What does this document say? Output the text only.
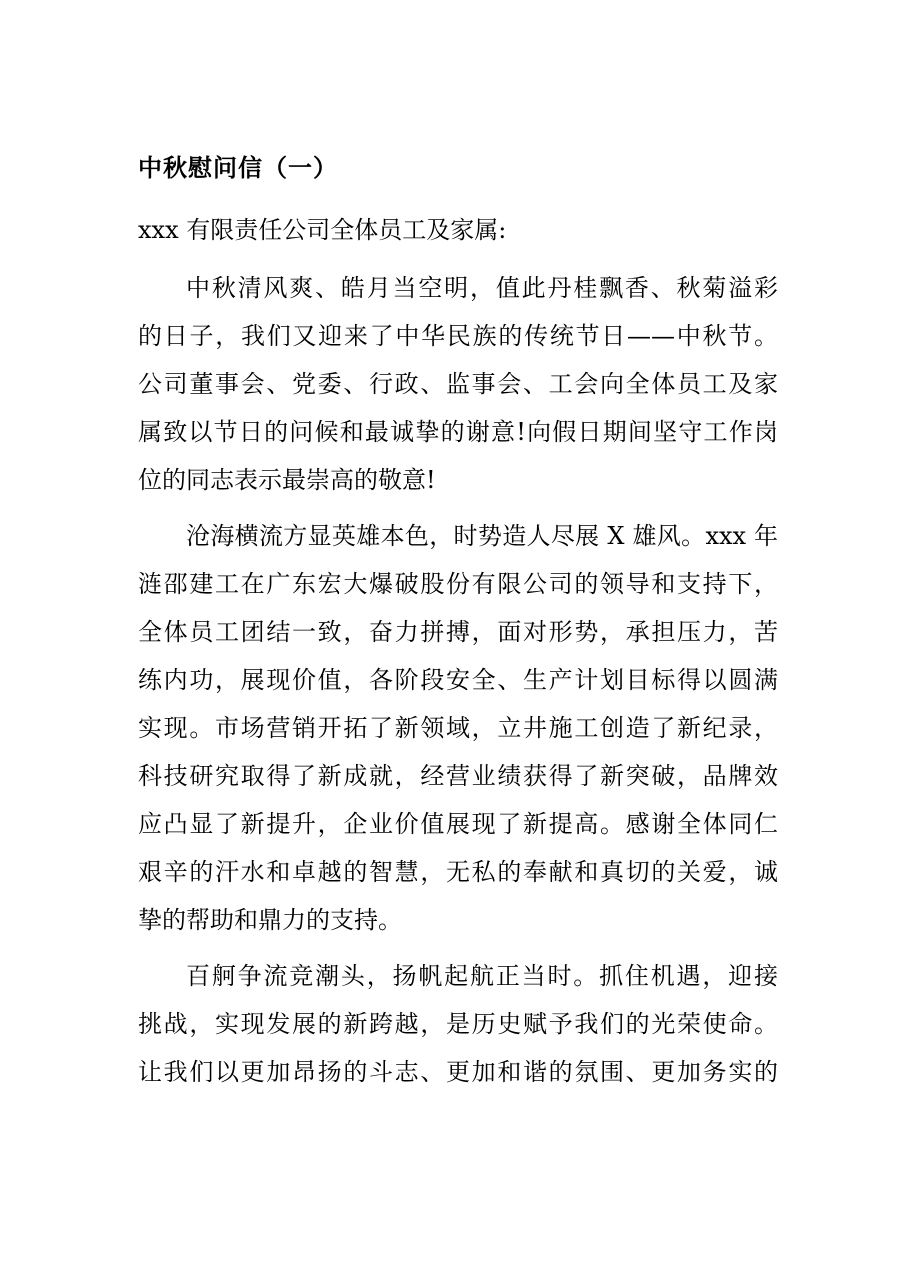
中秋慰问信（一）

xxx 有限责任公司全体员工及家属:

中秋清风爽、皓月当空明，值此丹桂飘香、秋菊溢彩
的日子，我们又迎来了中华民族的传统节日——中秋节。
公司董事会、党委、行政、监事会、工会向全体员工及家
属致以节日的问候和最诚挚的谢意!向假日期间坚守工作岗
位的同志表示最崇高的敬意!
沧海横流方显英雄本色，时势造人尽展 X 雄风。xxx 年
涟邵建工在广东宏大爆破股份有限公司的领导和支持下，
全体员工团结一致，奋力拼搏，面对形势，承担压力，苦
练内功，展现价值，各阶段安全、生产计划目标得以圆满
实现。市场营销开拓了新领域，立井施工创造了新纪录，
科技研究取得了新成就，经营业绩获得了新突破，品牌效
应凸显了新提升，企业价值展现了新提高。感谢全体同仁
艰辛的汗水和卓越的智慧，无私的奉献和真切的关爱，诚
挚的帮助和鼎力的支持。
百舸争流竞潮头，扬帆起航正当时。抓住机遇，迎接
挑战，实现发展的新跨越，是历史赋予我们的光荣使命。
让我们以更加昂扬的斗志、更加和谐的氛围、更加务实的
